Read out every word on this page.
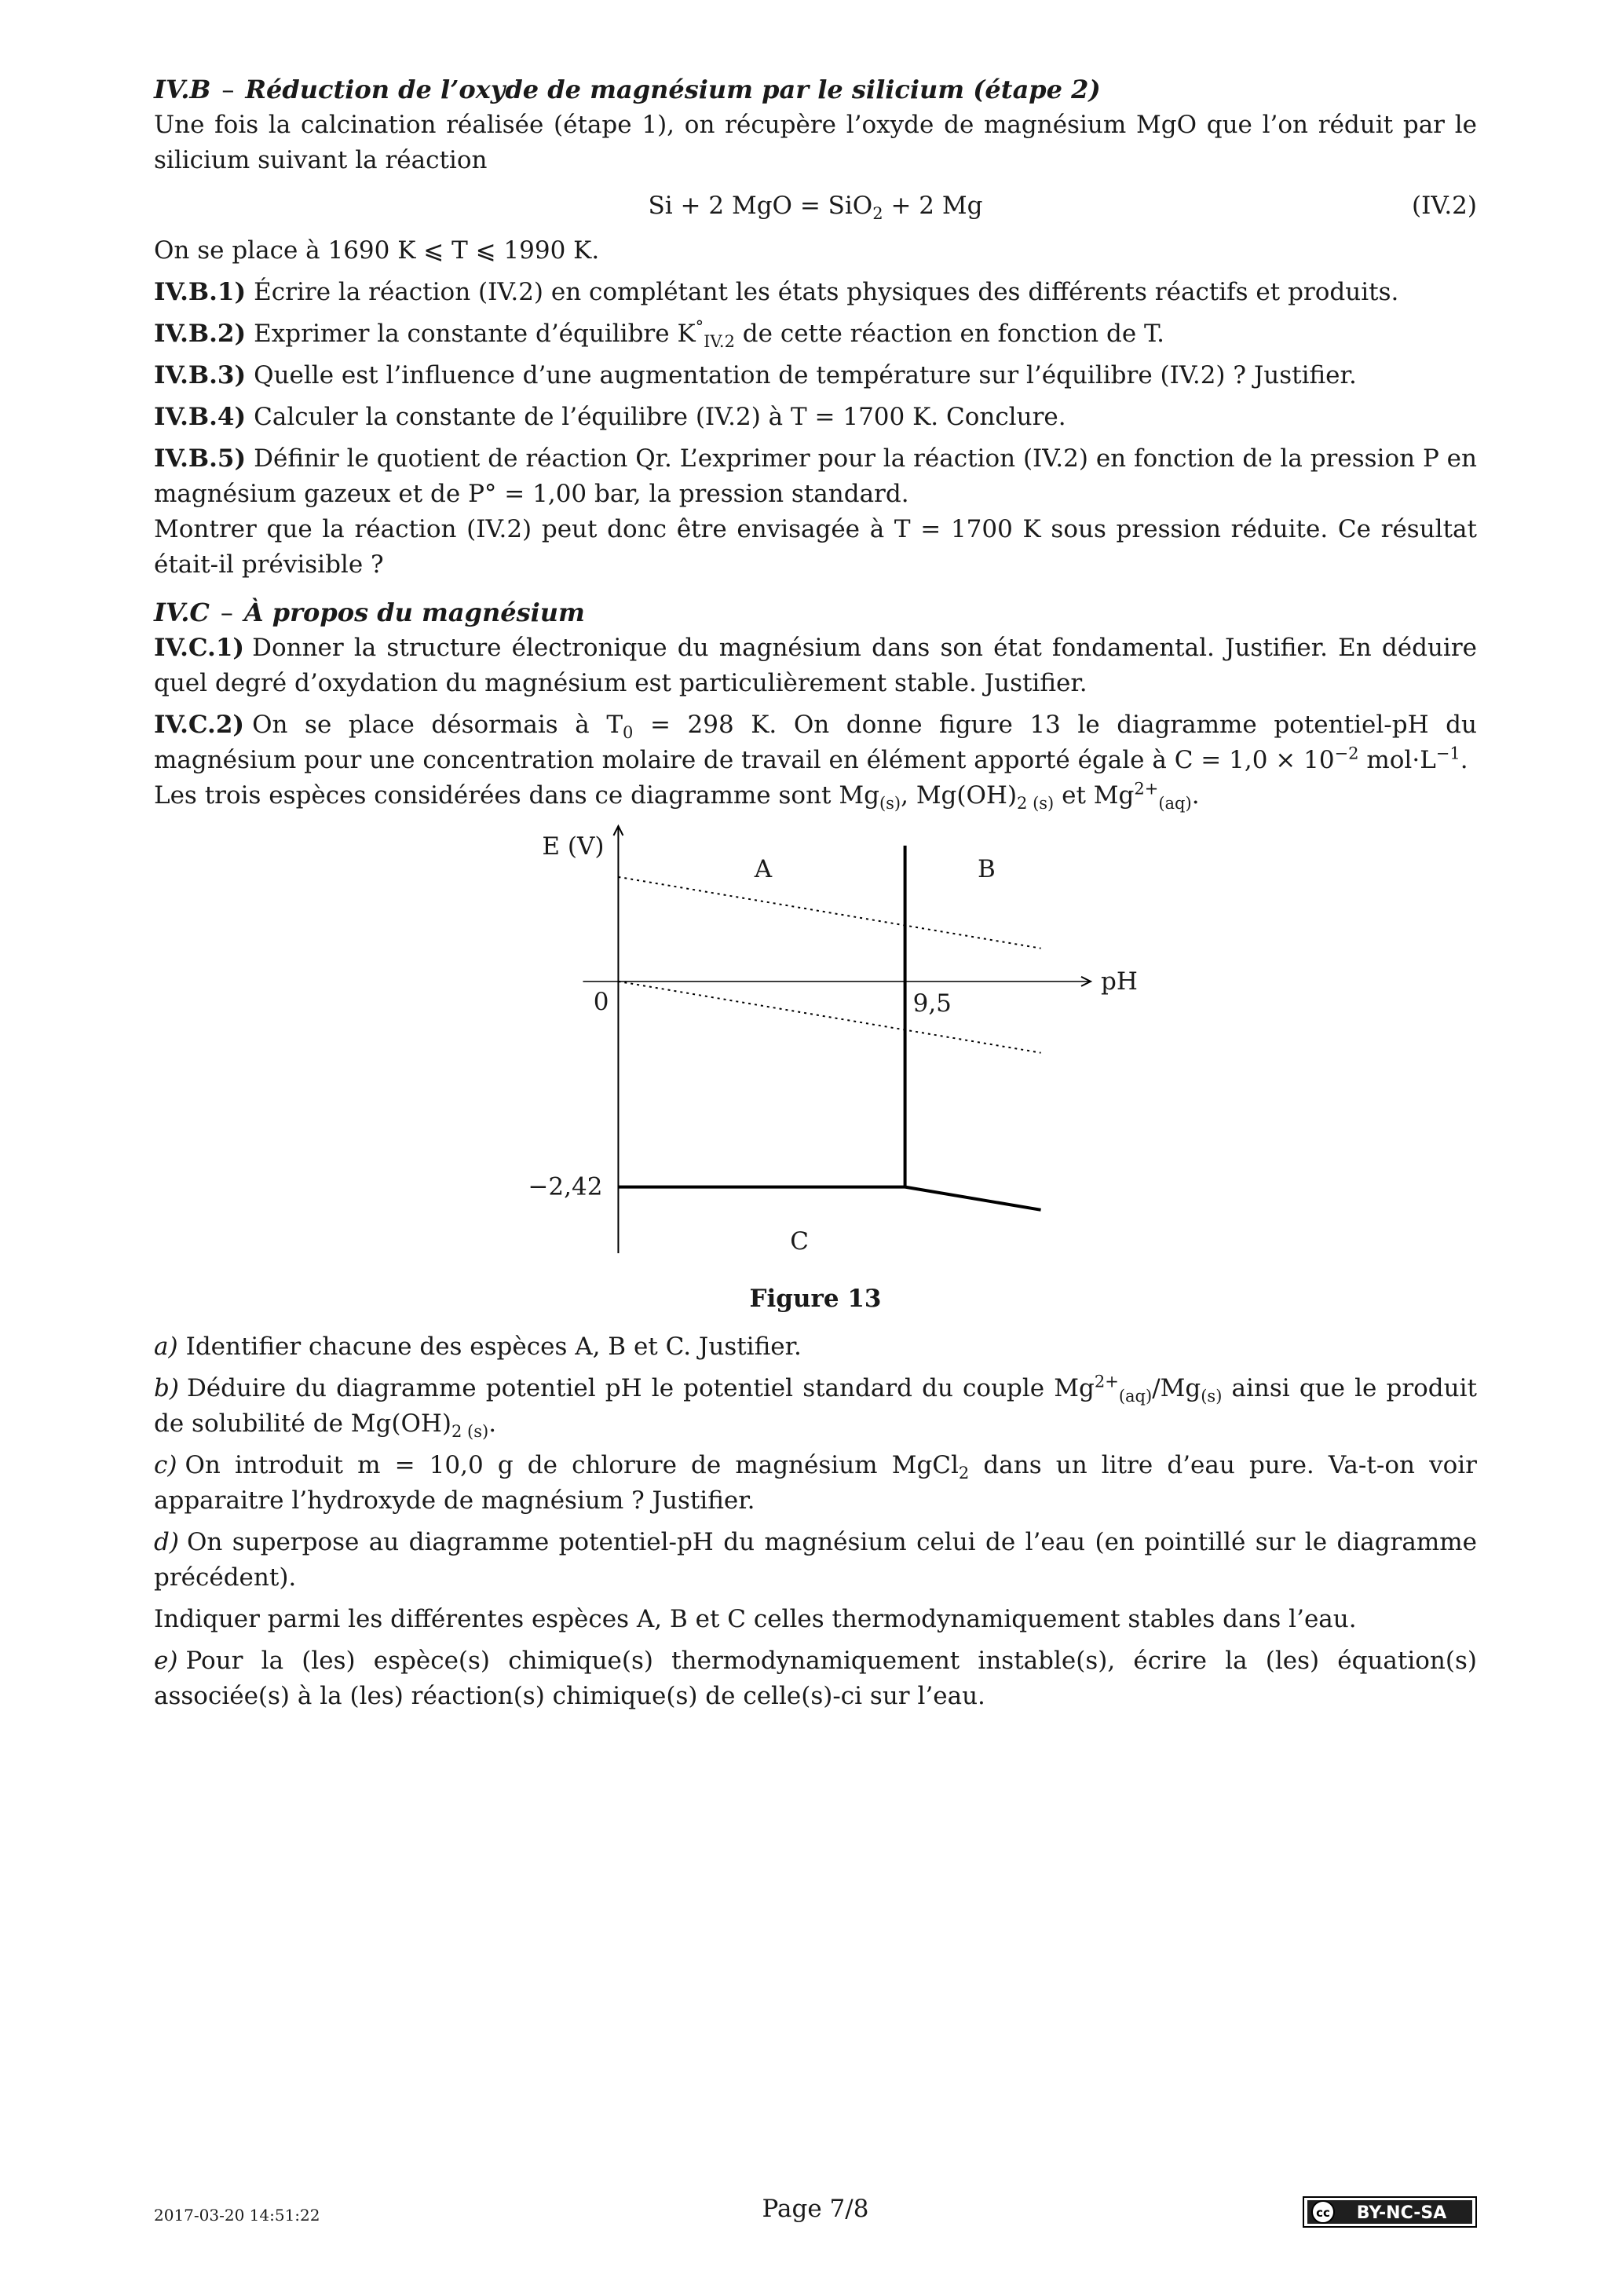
IV.B – Réduction de l’oxyde de magnésium par le silicium (étape 2)

Une fois la calcination réalisée (étape 1), on récupère l’oxyde de magnésium MgO que l’on réduit par le silicium suivant la réaction

Si + 2 MgO = SiO$_2$ + 2 Mg	(IV.2)

On se place à 1690 K ⩽ T ⩽ 1990 K.

IV.B.1) Écrire la réaction (IV.2) en complétant les états physiques des différents réactifs et produits.

IV.B.2) Exprimer la constante d’équilibre $K^\circ_{IV.2}$ de cette réaction en fonction de T.

IV.B.3) Quelle est l’influence d’une augmentation de température sur l’équilibre (IV.2) ? Justifier.

IV.B.4) Calculer la constante de l’équilibre (IV.2) à T = 1700 K. Conclure.

IV.B.5) Définir le quotient de réaction Qr. L’exprimer pour la réaction (IV.2) en fonction de la pression P en magnésium gazeux et de P° = 1,00 bar, la pression standard.

Montrer que la réaction (IV.2) peut donc être envisagée à T = 1700 K sous pression réduite. Ce résultat était-il prévisible ?

IV.C – À propos du magnésium

IV.C.1) Donner la structure électronique du magnésium dans son état fondamental. Justifier. En déduire quel degré d’oxydation du magnésium est particulièrement stable. Justifier.

IV.C.2) On se place désormais à $T_0 = 298$ K. On donne figure 13 le diagramme potentiel-pH du magnésium pour une concentration molaire de travail en élément apporté égale à $C = 1,0 \times 10^{-2}$ $mol\cdot L^{-1}$.

Les trois espèces considérées dans ce diagramme sont $Mg_{(s)}$, $Mg(OH)_{2 (s)}$ et $Mg^{2+}_{(aq)}$.

E (V)
pH
0	9,5
−2,42
A	B
C

Figure 13

a) Identifier chacune des espèces A, B et C. Justifier.

b) Déduire du diagramme potentiel pH le potentiel standard du couple $Mg^{2+}_{(aq)}/Mg_{(s)}$ ainsi que le produit de solubilité de $Mg(OH)_{2 (s)}$.

c) On introduit m = 10,0 g de chlorure de magnésium MgCl$_2$ dans un litre d’eau pure. Va-t-on voir apparaitre l’hydroxyde de magnésium ? Justifier.

d) On superpose au diagramme potentiel-pH du magnésium celui de l’eau (en pointillé sur le diagramme précédent).

Indiquer parmi les différentes espèces A, B et C celles thermodynamiquement stables dans l’eau.

e) Pour la (les) espèce(s) chimique(s) thermodynamiquement instable(s), écrire la (les) équation(s) associée(s) à la (les) réaction(s) chimique(s) de celle(s)-ci sur l’eau.

2017-03-20 14:51:22	Page 7/8	cc BY-NC-SA
